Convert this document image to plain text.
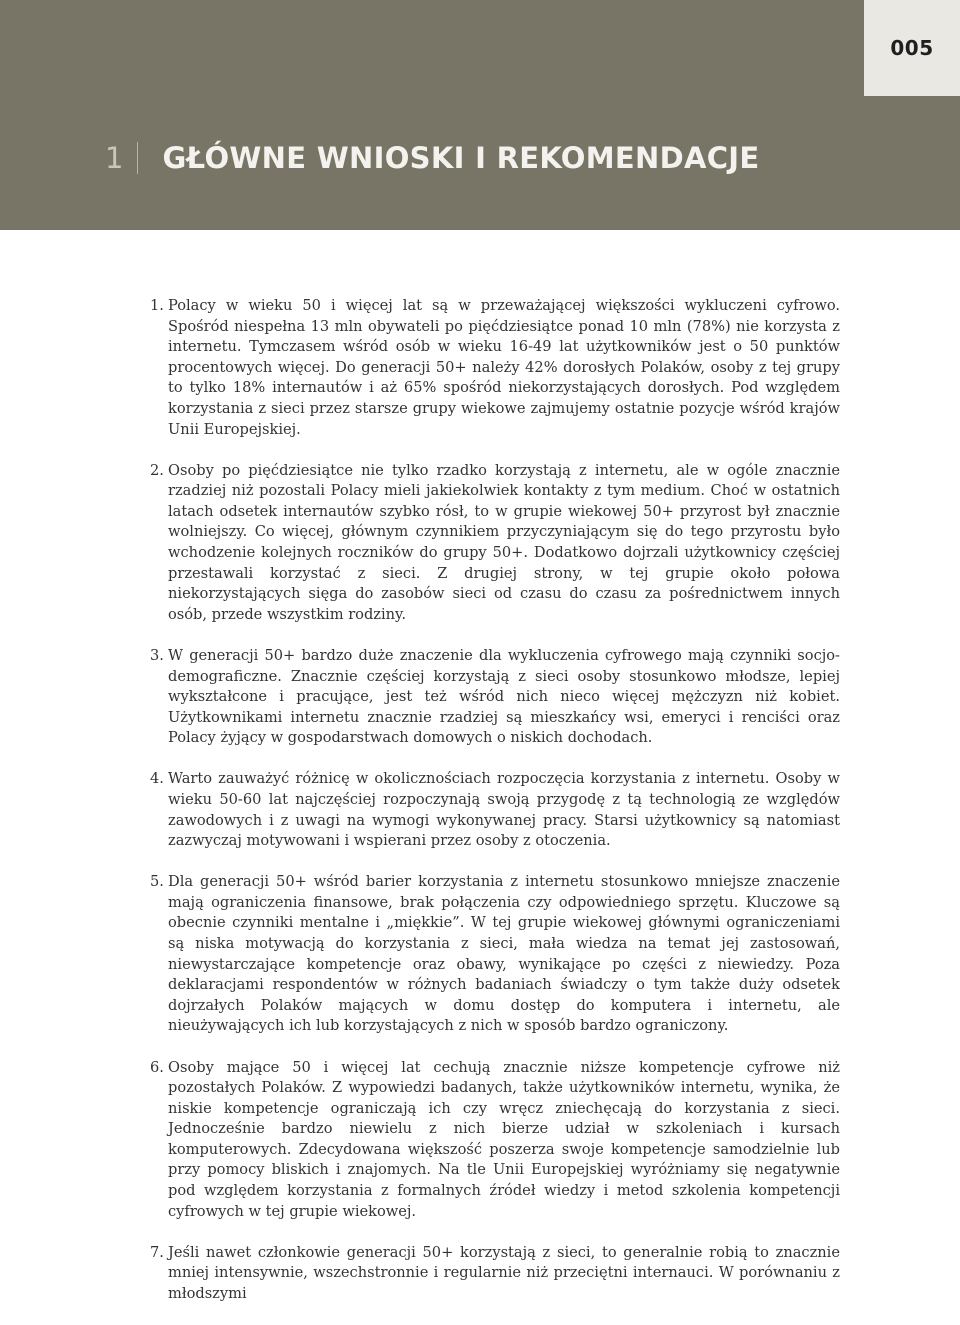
1 GŁÓWNE WNIOSKI I REKOMENDACJE
005
1. Polacy w wieku 50 i więcej lat są w przeważającej większości wykluczeni cyfrowo. Spośród niespełna 13 mln obywateli po pięćdziesiątce ponad 10 mln (78%) nie korzysta z internetu. Tymczasem wśród osób w wieku 16-49 lat użytkowników jest o 50 punktów procentowych więcej. Do generacji 50+ należy 42% dorosłych Polaków, osoby z tej grupy to tylko 18% internautów i aż 65% spośród niekorzystających dorosłych. Pod względem korzystania z sieci przez starsze grupy wiekowe zajmujemy ostatnie pozycje wśród krajów Unii Europejskiej.
2. Osoby po pięćdziesiątce nie tylko rzadko korzystają z internetu, ale w ogóle znacznie rzadziej niż pozostali Polacy mieli jakiekolwiek kontakty z tym medium. Choć w ostatnich latach odsetek internautów szybko rósł, to w grupie wiekowej 50+ przyrost był znacznie wolniejszy. Co więcej, głównym czynnikiem przyczyniającym się do tego przyrostu było wchodzenie kolejnych roczników do grupy 50+. Dodatkowo dojrzali użytkownicy częściej przestawali korzystać z sieci. Z drugiej strony, w tej grupie około połowa niekorzystających sięga do zasobów sieci od czasu do czasu za pośrednictwem innych osób, przede wszystkim rodziny.
3. W generacji 50+ bardzo duże znaczenie dla wykluczenia cyfrowego mają czynniki socjo-demograficzne. Znacznie częściej korzystają z sieci osoby stosunkowo młodsze, lepiej wykształcone i pracujące, jest też wśród nich nieco więcej mężczyzn niż kobiet. Użytkownikami internetu znacznie rzadziej są mieszkańcy wsi, emeryci i renciści oraz Polacy żyjący w gospodarstwach domowych o niskich dochodach.
4. Warto zauważyć różnicę w okolicznościach rozpoczęcia korzystania z internetu. Osoby w wieku 50-60 lat najczęściej rozpoczynają swoją przygodę z tą technologią ze względów zawodowych i z uwagi na wymogi wykonywanej pracy. Starsi użytkownicy są natomiast zazwyczaj motywowani i wspierani przez osoby z otoczenia.
5. Dla generacji 50+ wśród barier korzystania z internetu stosunkowo mniejsze znaczenie mają ograniczenia finansowe, brak połączenia czy odpowiedniego sprzętu. Kluczowe są obecnie czynniki mentalne i „miękkie”. W tej grupie wiekowej głównymi ograniczeniami są niska motywacją do korzystania z sieci, mała wiedza na temat jej zastosowań, niewystarczające kompetencje oraz obawy, wynikające po części z niewiedzy. Poza deklaracjami respondentów w różnych badaniach świadczy o tym także duży odsetek dojrzałych Polaków mających w domu dostęp do komputera i internetu, ale nieużywających ich lub korzystających z nich w sposób bardzo ograniczony.
6. Osoby mające 50 i więcej lat cechują znacznie niższe kompetencje cyfrowe niż pozostałych Polaków. Z wypowiedzi badanych, także użytkowników internetu, wynika, że niskie kompetencje ograniczają ich czy wręcz zniechęcają do korzystania z sieci. Jednocześnie bardzo niewielu z nich bierze udział w szkoleniach i kursach komputerowych. Zdecydowana większość poszerza swoje kompetencje samodzielnie lub przy pomocy bliskich i znajomych. Na tle Unii Europejskiej wyróżniamy się negatywnie pod względem korzystania z formalnych źródeł wiedzy i metod szkolenia kompetencji cyfrowych w tej grupie wiekowej.
7. Jeśli nawet członkowie generacji 50+ korzystają z sieci, to generalnie robią to znacznie mniej intensywnie, wszechstronnie i regularnie niż przeciętni internauci. W porównaniu z młodszymi
